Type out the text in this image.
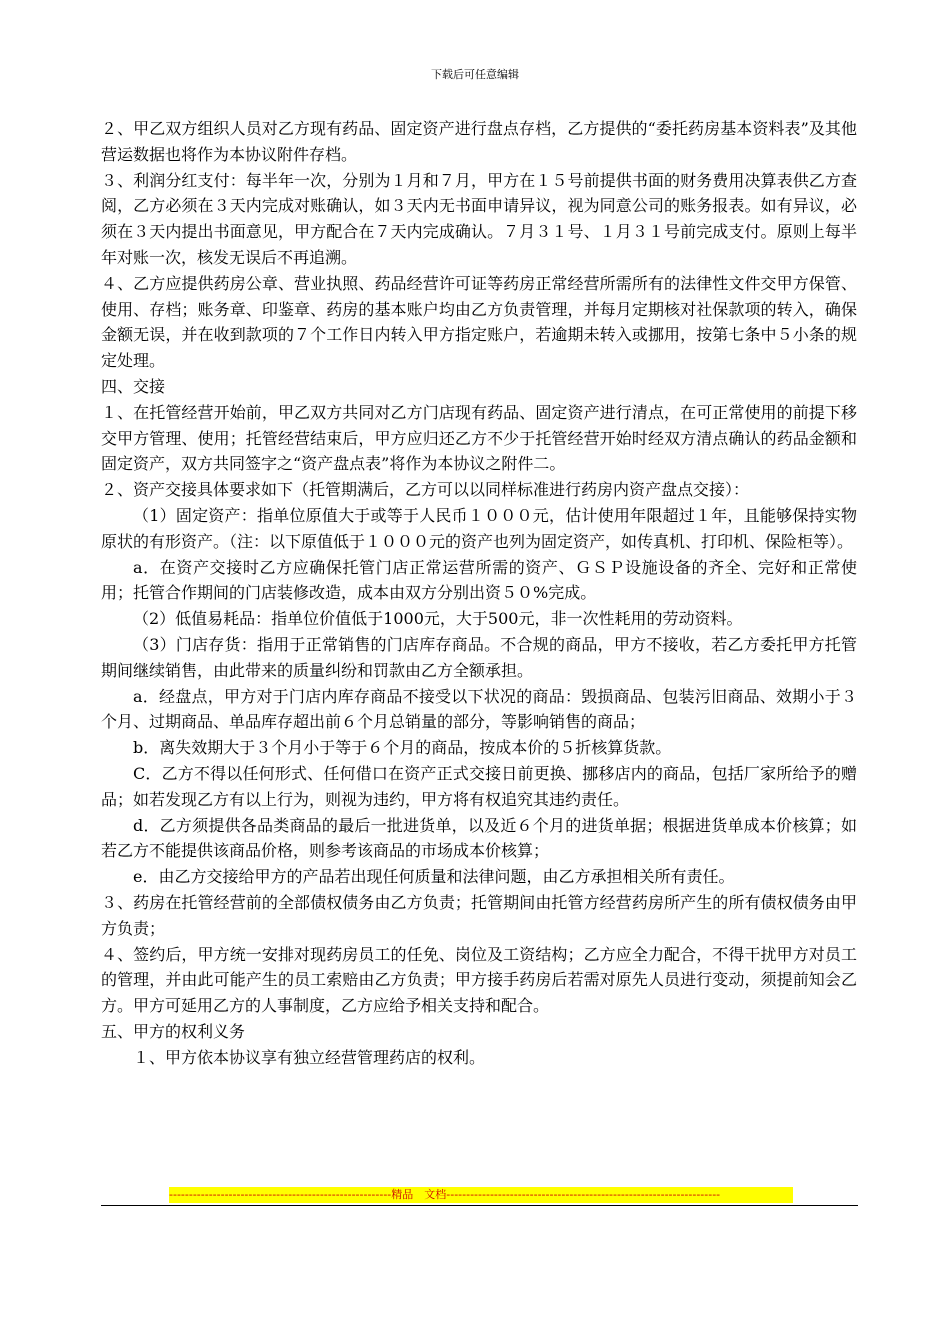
下载后可任意编辑

２、甲乙双方组织人员对乙方现有药品、固定资产进行盘点存档，乙方提供的“委托药房基本资料表”及其他营运数据也将作为本协议附件存档。

３、利润分红支付：每半年一次，分别为１月和７月，甲方在１５号前提供书面的财务费用决算表供乙方查阅，乙方必须在３天内完成对账确认，如３天内无书面申请异议，视为同意公司的账务报表。如有异议，必须在３天内提出书面意见，甲方配合在７天内完成确认。７月３１号、１月３１号前完成支付。原则上每半年对账一次，核发无误后不再追溯。

４、乙方应提供药房公章、营业执照、药品经营许可证等药房正常经营所需所有的法律性文件交甲方保管、使用、存档；账务章、印鉴章、药房的基本账户均由乙方负责管理，并每月定期核对社保款项的转入，确保金额无误，并在收到款项的７个工作日内转入甲方指定账户，若逾期未转入或挪用，按第七条中５小条的规定处理。

四、交接

１、在托管经营开始前，甲乙双方共同对乙方门店现有药品、固定资产进行清点，在可正常使用的前提下移交甲方管理、使用；托管经营结束后，甲方应归还乙方不少于托管经营开始时经双方清点确认的药品金额和固定资产，双方共同签字之“资产盘点表”将作为本协议之附件二。

２、资产交接具体要求如下（托管期满后，乙方可以以同样标准进行药房内资产盘点交接）：

（1）固定资产：指单位原值大于或等于人民币１０００元，估计使用年限超过１年，且能够保持实物原状的有形资产。（注：以下原值低于１０００元的资产也列为固定资产，如传真机、打印机、保险柜等）。

a．在资产交接时乙方应确保托管门店正常运营所需的资产、ＧＳＰ设施设备的齐全、完好和正常使用；托管合作期间的门店装修改造，成本由双方分别出资５０%完成。

（2）低值易耗品：指单位价值低于1000元，大于500元，非一次性耗用的劳动资料。

（3）门店存货：指用于正常销售的门店库存商品。不合规的商品，甲方不接收，若乙方委托甲方托管期间继续销售，由此带来的质量纠纷和罚款由乙方全额承担。

a．经盘点，甲方对于门店内库存商品不接受以下状况的商品：毁损商品、包装污旧商品、效期小于３个月、过期商品、单品库存超出前６个月总销量的部分，等影响销售的商品；

b．离失效期大于３个月小于等于６个月的商品，按成本价的５折核算货款。

C．乙方不得以任何形式、任何借口在资产正式交接日前更换、挪移店内的商品，包括厂家所给予的赠品；如若发现乙方有以上行为，则视为违约，甲方将有权追究其违约责任。

d．乙方须提供各品类商品的最后一批进货单，以及近６个月的进货单据；根据进货单成本价核算；如若乙方不能提供该商品价格，则参考该商品的市场成本价核算；

e．由乙方交接给甲方的产品若出现任何质量和法律问题，由乙方承担相关所有责任。

３、药房在托管经营前的全部债权债务由乙方负责；托管期间由托管方经营药房所产生的所有债权债务由甲方负责；

４、签约后，甲方统一安排对现药房员工的任免、岗位及工资结构；乙方应全力配合，不得干扰甲方对员工的管理，并由此可能产生的员工索赔由乙方负责；甲方接手药房后若需对原先人员进行变动，须提前知会乙方。甲方可延用乙方的人事制度，乙方应给予相关支持和配合。

五、甲方的权利义务

１、甲方依本协议享有独立经营管理药店的权利。

--------------------------------------------------------精品　文档---------------------------------------------------------------------
